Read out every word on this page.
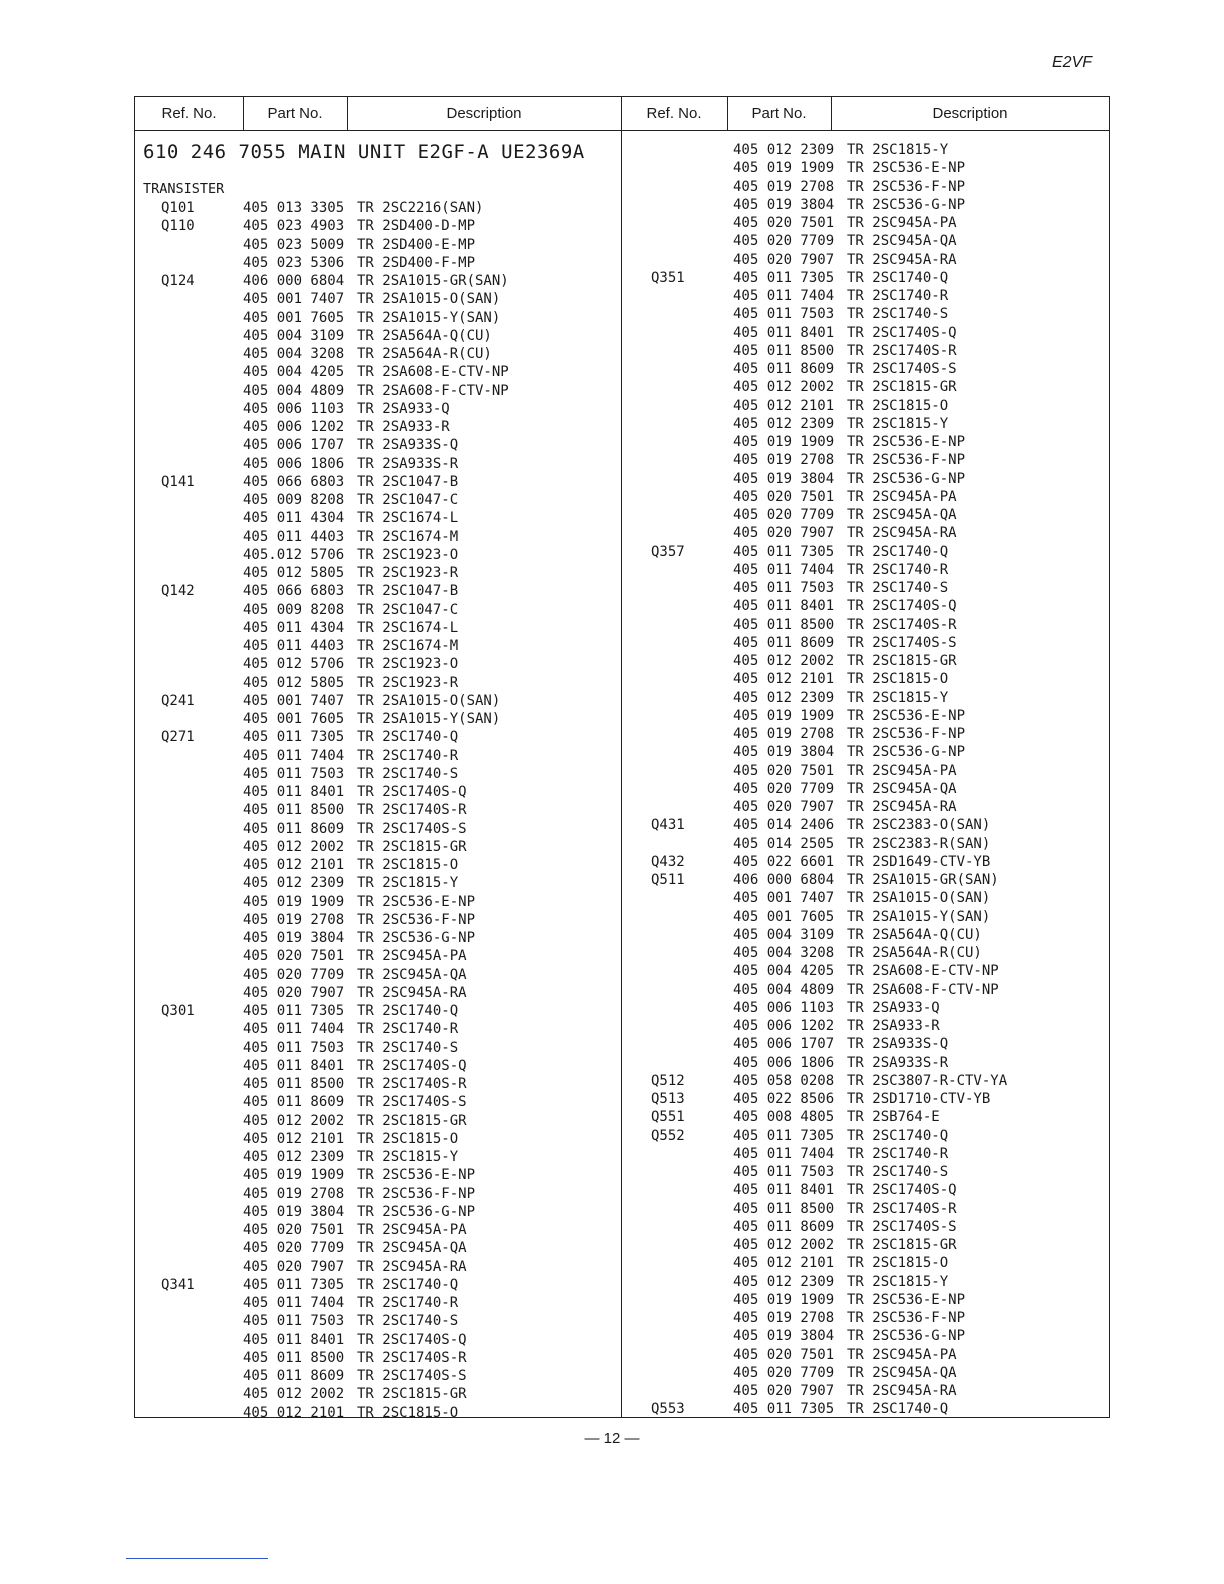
E2VF
Ref. No.	Part No.	Description	Ref. No.	Part No.	Description
610 246 7055 MAIN UNIT E2GF-A UE2369A
TRANSISTER
Q101	405 013 3305 TR 2SC2216(SAN)
Q110	405 023 4903 TR 2SD400-D-MP
405 023 5009 TR 2SD400-E-MP
405 023 5306 TR 2SD400-F-MP
Q124	406 000 6804 TR 2SA1015-GR(SAN)
405 001 7407 TR 2SA1015-O(SAN)
405 001 7605 TR 2SA1015-Y(SAN)
405 004 3109 TR 2SA564A-Q(CU)
405 004 3208 TR 2SA564A-R(CU)
405 004 4205 TR 2SA608-E-CTV-NP
405 004 4809 TR 2SA608-F-CTV-NP
405 006 1103 TR 2SA933-Q
405 006 1202 TR 2SA933-R
405 006 1707 TR 2SA933S-Q
405 006 1806 TR 2SA933S-R
Q141	405 066 6803 TR 2SC1047-B
405 009 8208 TR 2SC1047-C
405 011 4304 TR 2SC1674-L
405 011 4403 TR 2SC1674-M
405.012 5706 TR 2SC1923-O
405 012 5805 TR 2SC1923-R
Q142	405 066 6803 TR 2SC1047-B
405 009 8208 TR 2SC1047-C
405 011 4304 TR 2SC1674-L
405 011 4403 TR 2SC1674-M
405 012 5706 TR 2SC1923-O
405 012 5805 TR 2SC1923-R
Q241	405 001 7407 TR 2SA1015-O(SAN)
405 001 7605 TR 2SA1015-Y(SAN)
Q271	405 011 7305 TR 2SC1740-Q
405 011 7404 TR 2SC1740-R
405 011 7503 TR 2SC1740-S
405 011 8401 TR 2SC1740S-Q
405 011 8500 TR 2SC1740S-R
405 011 8609 TR 2SC1740S-S
405 012 2002 TR 2SC1815-GR
405 012 2101 TR 2SC1815-O
405 012 2309 TR 2SC1815-Y
405 019 1909 TR 2SC536-E-NP
405 019 2708 TR 2SC536-F-NP
405 019 3804 TR 2SC536-G-NP
405 020 7501 TR 2SC945A-PA
405 020 7709 TR 2SC945A-QA
405 020 7907 TR 2SC945A-RA
Q301	405 011 7305 TR 2SC1740-Q
405 011 7404 TR 2SC1740-R
405 011 7503 TR 2SC1740-S
405 011 8401 TR 2SC1740S-Q
405 011 8500 TR 2SC1740S-R
405 011 8609 TR 2SC1740S-S
405 012 2002 TR 2SC1815-GR
405 012 2101 TR 2SC1815-O
405 012 2309 TR 2SC1815-Y
405 019 1909 TR 2SC536-E-NP
405 019 2708 TR 2SC536-F-NP
405 019 3804 TR 2SC536-G-NP
405 020 7501 TR 2SC945A-PA
405 020 7709 TR 2SC945A-QA
405 020 7907 TR 2SC945A-RA
Q341	405 011 7305 TR 2SC1740-Q
405 011 7404 TR 2SC1740-R
405 011 7503 TR 2SC1740-S
405 011 8401 TR 2SC1740S-Q
405 011 8500 TR 2SC1740S-R
405 011 8609 TR 2SC1740S-S
405 012 2002 TR 2SC1815-GR
405 012 2101 TR 2SC1815-O
405 012 2309 TR 2SC1815-Y
405 019 1909 TR 2SC536-E-NP
405 019 2708 TR 2SC536-F-NP
405 019 3804 TR 2SC536-G-NP
405 020 7501 TR 2SC945A-PA
405 020 7709 TR 2SC945A-QA
405 020 7907 TR 2SC945A-RA
Q351	405 011 7305 TR 2SC1740-Q
405 011 7404 TR 2SC1740-R
405 011 7503 TR 2SC1740-S
405 011 8401 TR 2SC1740S-Q
405 011 8500 TR 2SC1740S-R
405 011 8609 TR 2SC1740S-S
405 012 2002 TR 2SC1815-GR
405 012 2101 TR 2SC1815-O
405 012 2309 TR 2SC1815-Y
405 019 1909 TR 2SC536-E-NP
405 019 2708 TR 2SC536-F-NP
405 019 3804 TR 2SC536-G-NP
405 020 7501 TR 2SC945A-PA
405 020 7709 TR 2SC945A-QA
405 020 7907 TR 2SC945A-RA
Q357	405 011 7305 TR 2SC1740-Q
405 011 7404 TR 2SC1740-R
405 011 7503 TR 2SC1740-S
405 011 8401 TR 2SC1740S-Q
405 011 8500 TR 2SC1740S-R
405 011 8609 TR 2SC1740S-S
405 012 2002 TR 2SC1815-GR
405 012 2101 TR 2SC1815-O
405 012 2309 TR 2SC1815-Y
405 019 1909 TR 2SC536-E-NP
405 019 2708 TR 2SC536-F-NP
405 019 3804 TR 2SC536-G-NP
405 020 7501 TR 2SC945A-PA
405 020 7709 TR 2SC945A-QA
405 020 7907 TR 2SC945A-RA
Q431	405 014 2406 TR 2SC2383-O(SAN)
405 014 2505 TR 2SC2383-R(SAN)
Q432	405 022 6601 TR 2SD1649-CTV-YB
Q511	406 000 6804 TR 2SA1015-GR(SAN)
405 001 7407 TR 2SA1015-O(SAN)
405 001 7605 TR 2SA1015-Y(SAN)
405 004 3109 TR 2SA564A-Q(CU)
405 004 3208 TR 2SA564A-R(CU)
405 004 4205 TR 2SA608-E-CTV-NP
405 004 4809 TR 2SA608-F-CTV-NP
405 006 1103 TR 2SA933-Q
405 006 1202 TR 2SA933-R
405 006 1707 TR 2SA933S-Q
405 006 1806 TR 2SA933S-R
Q512	405 058 0208 TR 2SC3807-R-CTV-YA
Q513	405 022 8506 TR 2SD1710-CTV-YB
Q551	405 008 4805 TR 2SB764-E
Q552	405 011 7305 TR 2SC1740-Q
405 011 7404 TR 2SC1740-R
405 011 7503 TR 2SC1740-S
405 011 8401 TR 2SC1740S-Q
405 011 8500 TR 2SC1740S-R
405 011 8609 TR 2SC1740S-S
405 012 2002 TR 2SC1815-GR
405 012 2101 TR 2SC1815-O
405 012 2309 TR 2SC1815-Y
405 019 1909 TR 2SC536-E-NP
405 019 2708 TR 2SC536-F-NP
405 019 3804 TR 2SC536-G-NP
405 020 7501 TR 2SC945A-PA
405 020 7709 TR 2SC945A-QA
405 020 7907 TR 2SC945A-RA
Q553	405 011 7305 TR 2SC1740-Q
— 12 —
